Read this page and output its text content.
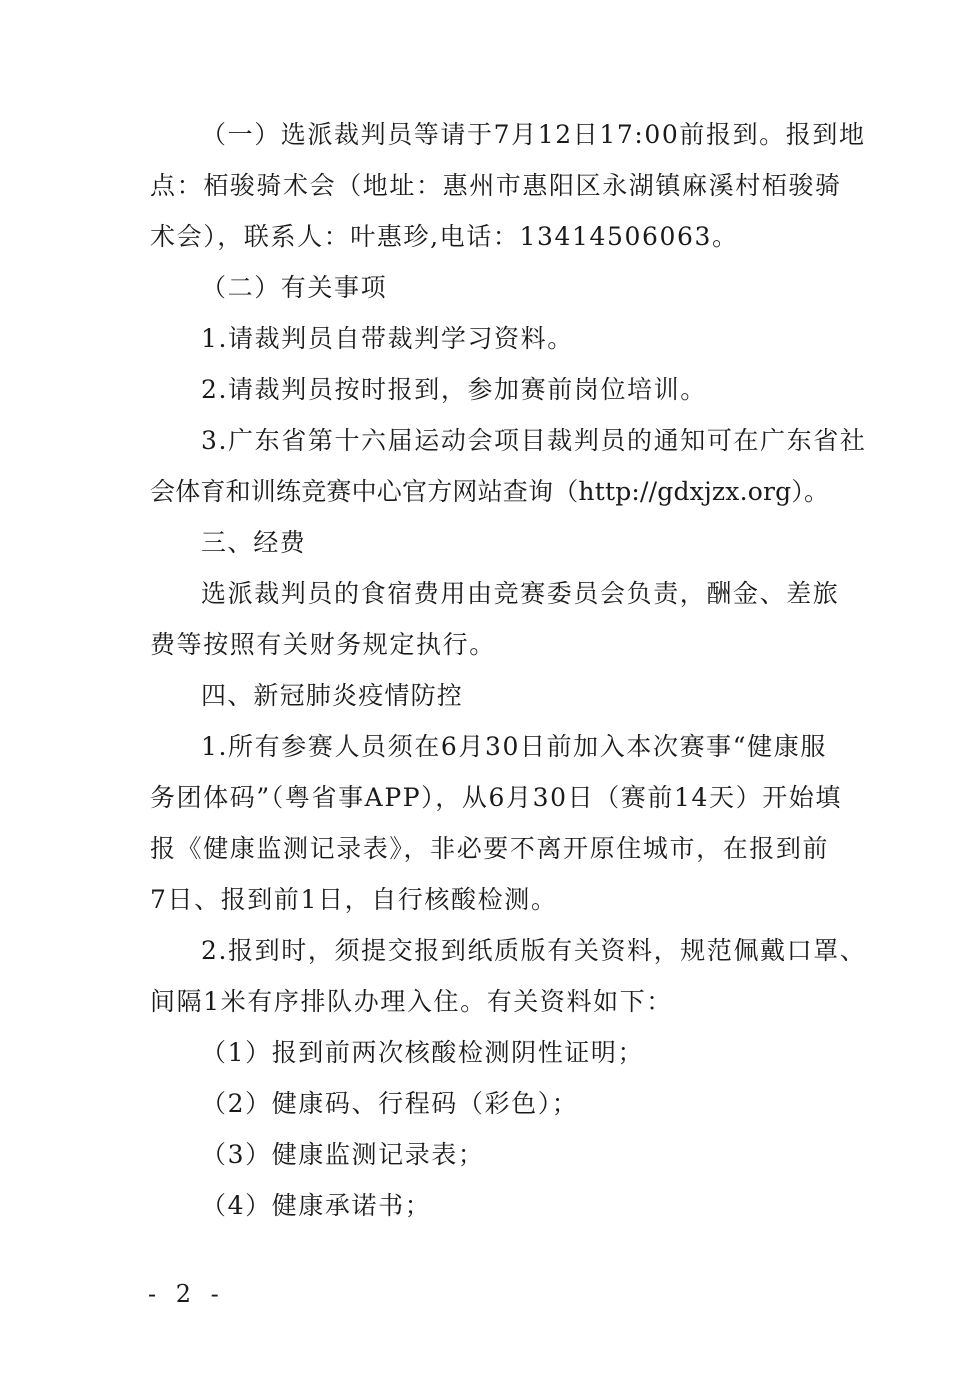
（一）选派裁判员等请于7月12日17:00前报到。报到地
点：栢骏骑术会（地址：惠州市惠阳区永湖镇麻溪村栢骏骑
术会），联系人：叶惠珍,电话：13414506063。
（二）有关事项
1.请裁判员自带裁判学习资料。
2.请裁判员按时报到，参加赛前岗位培训。
3.广东省第十六届运动会项目裁判员的通知可在广东省社
会体育和训练竞赛中心官方网站查询（http://gdxjzx.org）。
三、经费
选派裁判员的食宿费用由竞赛委员会负责，酬金、差旅
费等按照有关财务规定执行。
四、新冠肺炎疫情防控
1.所有参赛人员须在6月30日前加入本次赛事“健康服
务团体码”（粤省事APP），从6月30日（赛前14天）开始填
报《健康监测记录表》，非必要不离开原住城市，在报到前
7日、报到前1日，自行核酸检测。
2.报到时，须提交报到纸质版有关资料，规范佩戴口罩、
间隔1米有序排队办理入住。有关资料如下：
（1）报到前两次核酸检测阴性证明；
（2）健康码、行程码（彩色）；
（3）健康监测记录表；
（4）健康承诺书；
- 2 -
